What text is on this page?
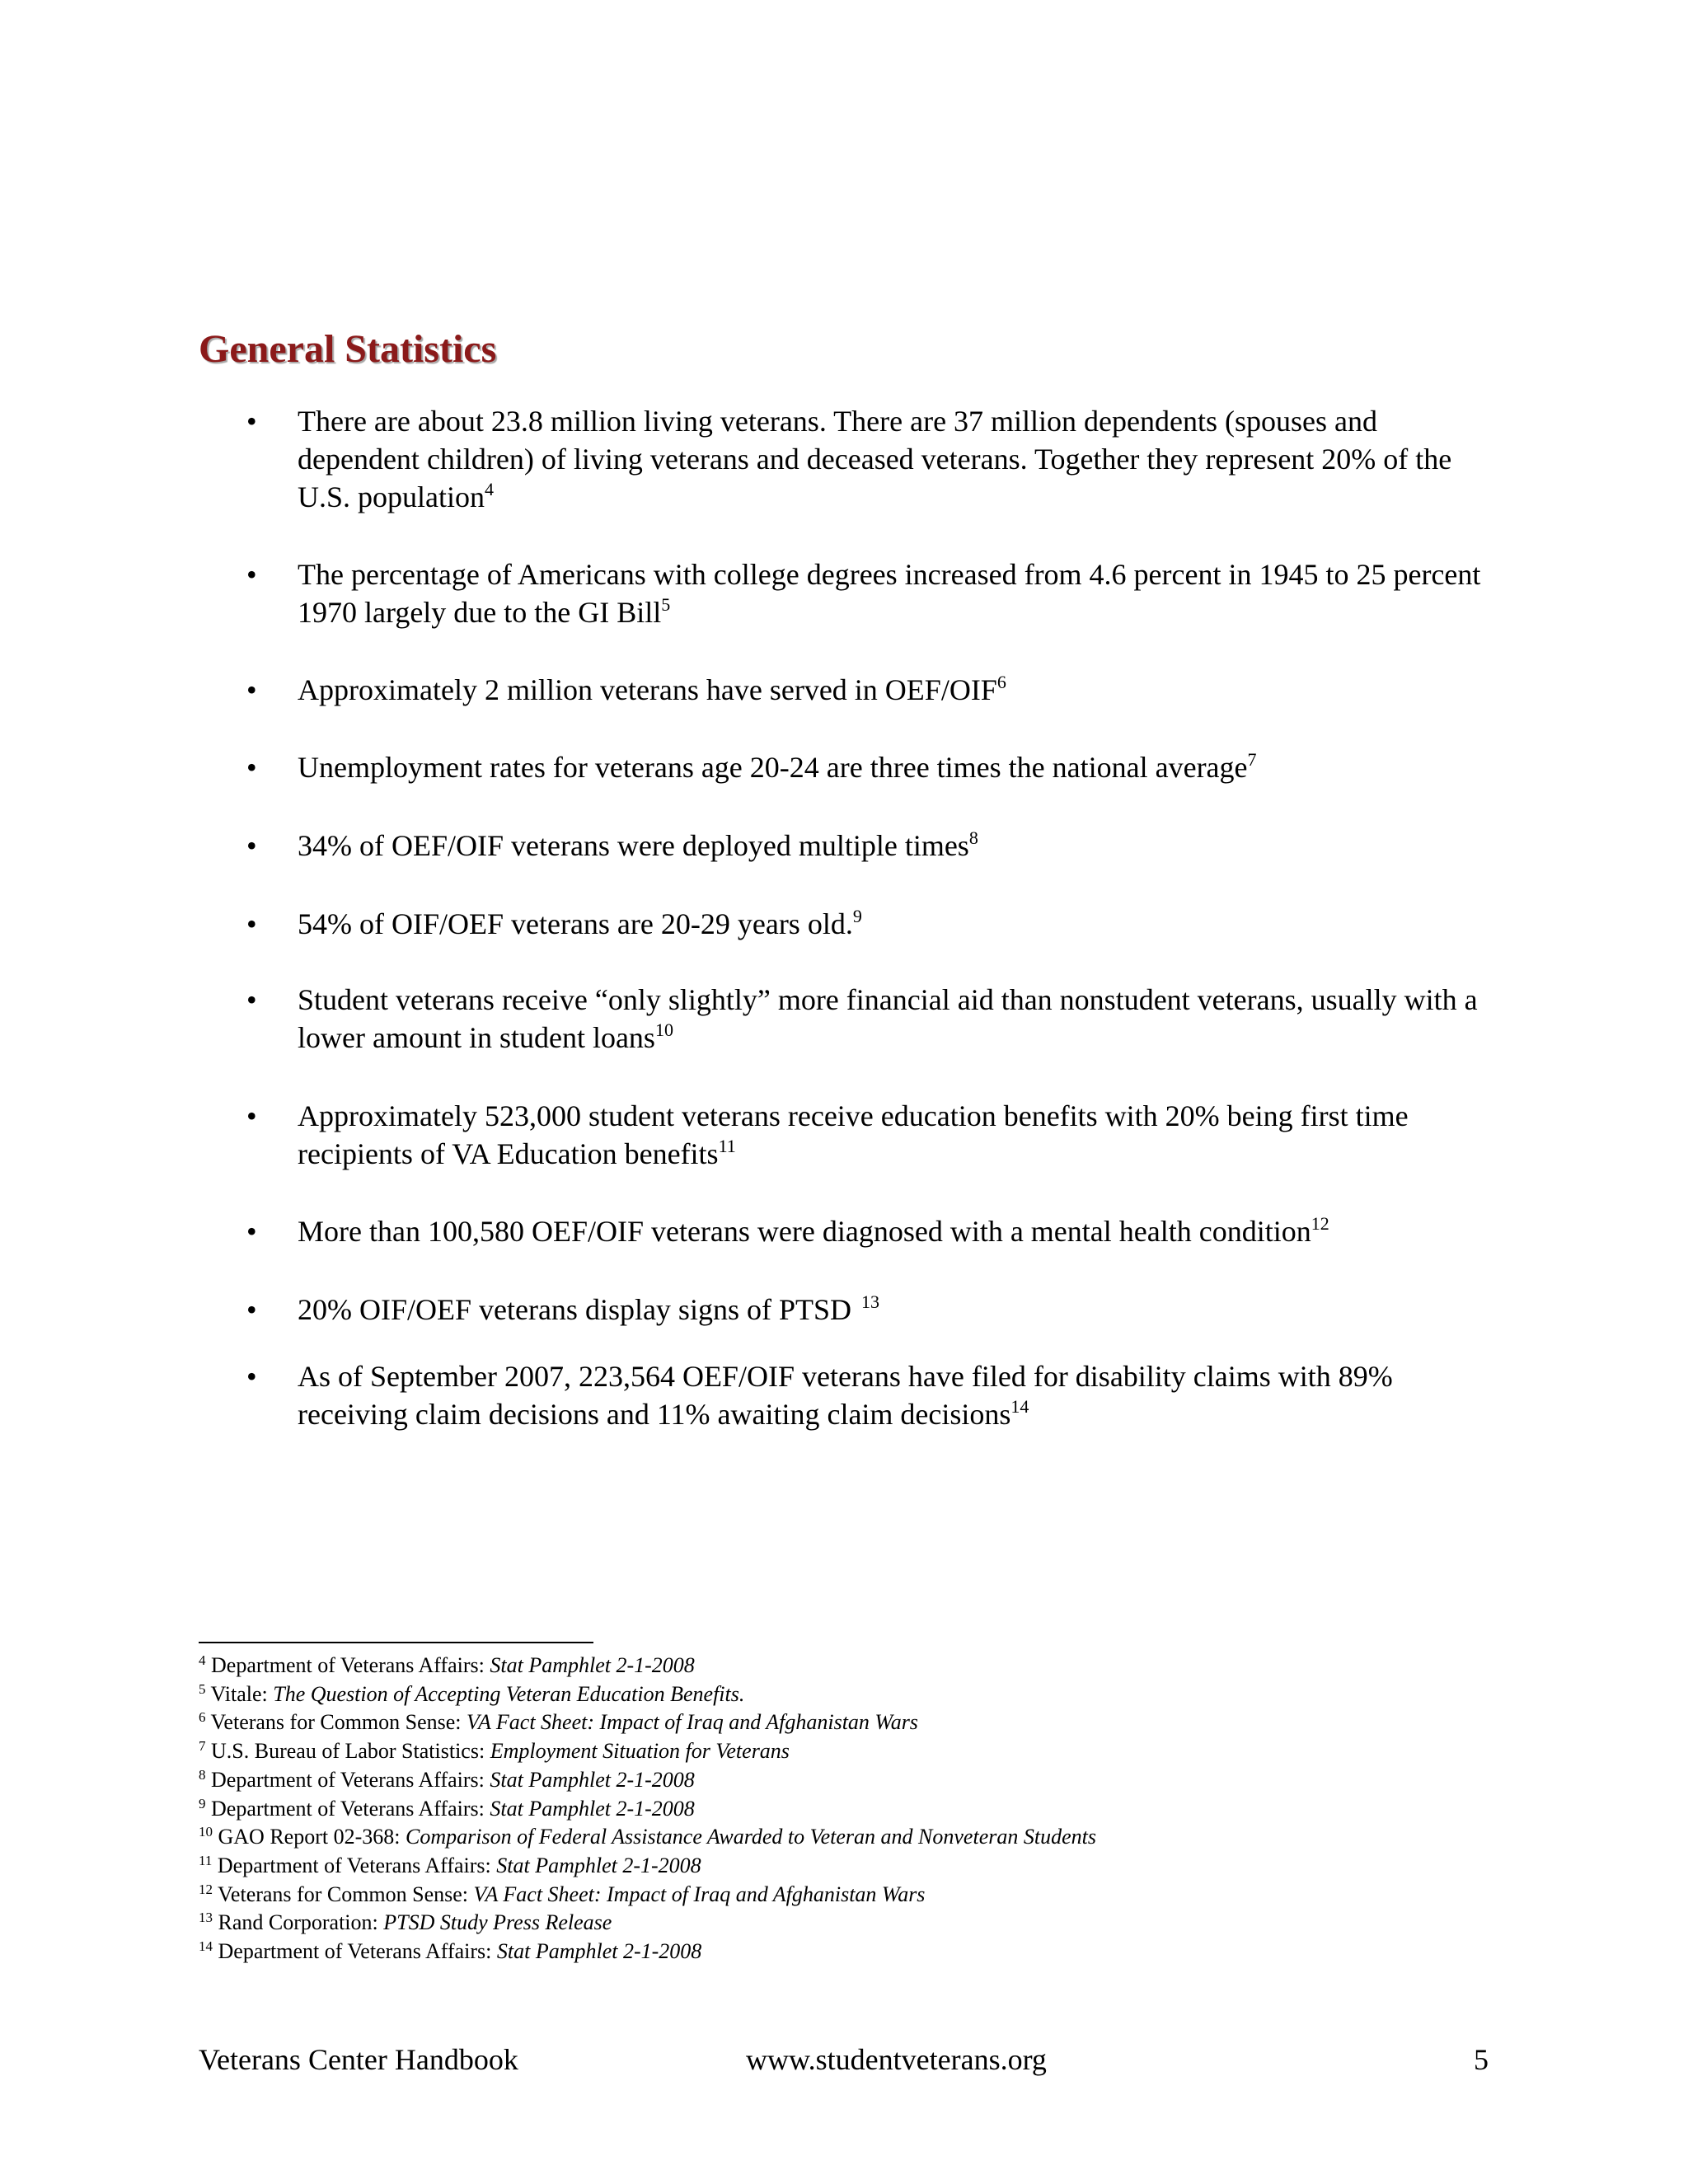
General Statistics
•	There are about 23.8 million living veterans. There are 37 million dependents (spouses and dependent children) of living veterans and deceased veterans. Together they represent 20% of the U.S. population$^4$
•	The percentage of Americans with college degrees increased from 4.6 percent in 1945 to 25 percent 1970 largely due to the GI Bill$^5$
•	Approximately 2 million veterans have served in OEF/OIF$^6$
•	Unemployment rates for veterans age 20-24 are three times the national average$^7$
•	34% of OEF/OIF veterans were deployed multiple times$^8$
•	54% of OIF/OEF veterans are 20-29 years old.$^9$
•	Student veterans receive “only slightly” more financial aid than nonstudent veterans, usually with a lower amount in student loans$^{10}$
•	Approximately 523,000 student veterans receive education benefits with 20% being first time recipients of VA Education benefits$^{11}$
•	More than 100,580 OEF/OIF veterans were diagnosed with a mental health condition$^{12}$
•	20% OIF/OEF veterans display signs of PTSD $^{13}$
•	As of September 2007, 223,564 OEF/OIF veterans have filed for disability claims with 89% receiving claim decisions and 11% awaiting claim decisions$^{14}$
$^4$ Department of Veterans Affairs: Stat Pamphlet 2-1-2008
$^5$ Vitale: The Question of Accepting Veteran Education Benefits.
$^6$ Veterans for Common Sense: VA Fact Sheet: Impact of Iraq and Afghanistan Wars
$^7$ U.S. Bureau of Labor Statistics: Employment Situation for Veterans
$^8$ Department of Veterans Affairs: Stat Pamphlet 2-1-2008
$^9$ Department of Veterans Affairs: Stat Pamphlet 2-1-2008
$^{10}$ GAO Report 02-368: Comparison of Federal Assistance Awarded to Veteran and Nonveteran Students
$^{11}$ Department of Veterans Affairs: Stat Pamphlet 2-1-2008
$^{12}$ Veterans for Common Sense: VA Fact Sheet: Impact of Iraq and Afghanistan Wars
$^{13}$ Rand Corporation: PTSD Study Press Release
$^{14}$ Department of Veterans Affairs: Stat Pamphlet 2-1-2008
Veterans Center Handbook	www.studentveterans.org	5
